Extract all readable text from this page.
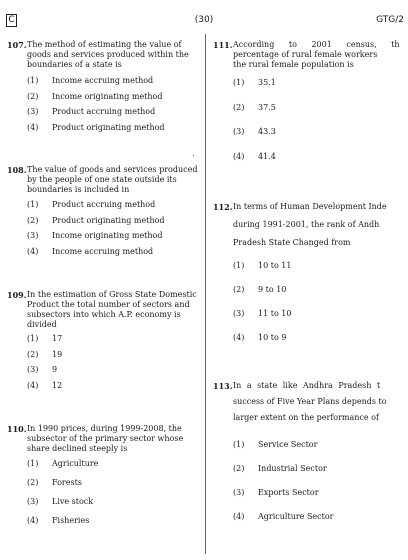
C	(30)	GTG/2
107. The method of estimating the value of goods and services produced within the boundaries of a state is
(1) Income accruing method
(2) Income originating method
(3) Product accruing method
(4) Product originating method
108. The value of goods and services produced by the people of one state outside its boundaries is included in
(1) Product accruing method
(2) Product originating method
(3) Income originating method
(4) Income accruing method
109. In the estimation of Gross State Domestic Product the total number of sectors and subsectors into which A.P. economy is divided
(1) 17
(2) 19
(3) 9
(4) 12
110. In 1990 prices, during 1999-2008, the subsector of the primary sector whose share declined steeply is
(1) Agriculture
(2) Forests
(3) Live stock
(4) Fisheries
111. According to 2001 census, th
percentage of rural female workers
the rural female population is
(1) 35.1
(2) 37.5
(3) 43.3
(4) 41.4
112. In terms of Human Development Inde
during 1991-2001, the rank of Andh
Pradesh State Changed from
(1) 10 to 11
(2) 9 to 10
(3) 11 to 10
(4) 10 to 9
113. In a state like Andhra Pradesh t
success of Five Year Plans depends to
larger extent on the performance of
(1) Service Sector
(2) Industrial Sector
(3) Exports Sector
(4) Agriculture Sector
